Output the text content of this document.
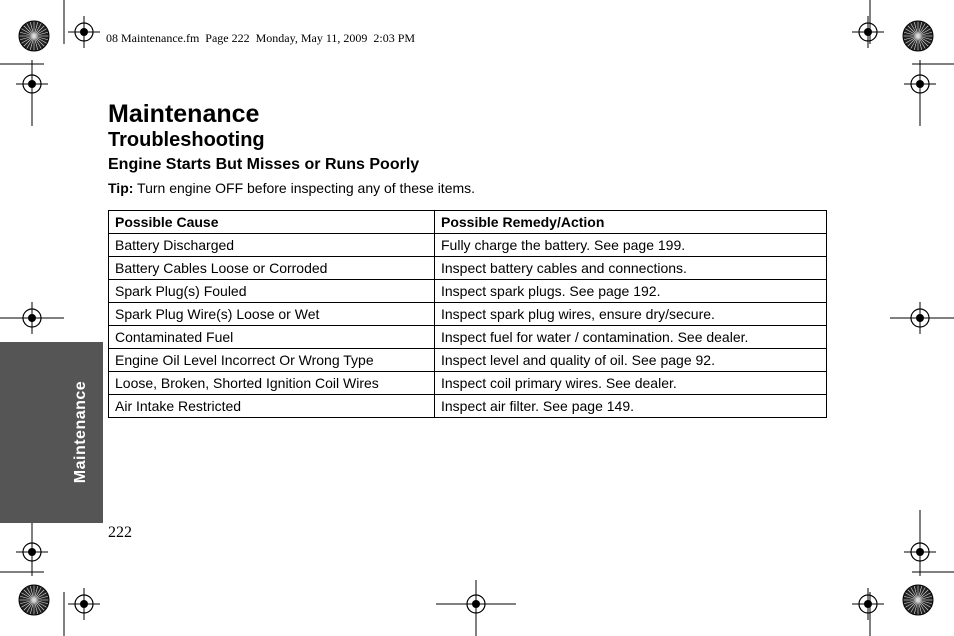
08 Maintenance.fm  Page 222  Monday, May 11, 2009  2:03 PM
Maintenance
Troubleshooting
Engine Starts But Misses or Runs Poorly
Tip: Turn engine OFF before inspecting any of these items.
Possible Cause	Possible Remedy/Action
Battery Discharged	Fully charge the battery. See page 199.
Battery Cables Loose or Corroded	Inspect battery cables and connections.
Spark Plug(s) Fouled	Inspect spark plugs. See page 192.
Spark Plug Wire(s) Loose or Wet	Inspect spark plug wires, ensure dry/secure.
Contaminated Fuel	Inspect fuel for water / contamination. See dealer.
Engine Oil Level Incorrect Or Wrong Type	Inspect level and quality of oil. See page 92.
Loose, Broken, Shorted Ignition Coil Wires	Inspect coil primary wires. See dealer.
Air Intake Restricted	Inspect air filter. See page 149.
Maintenance
222
